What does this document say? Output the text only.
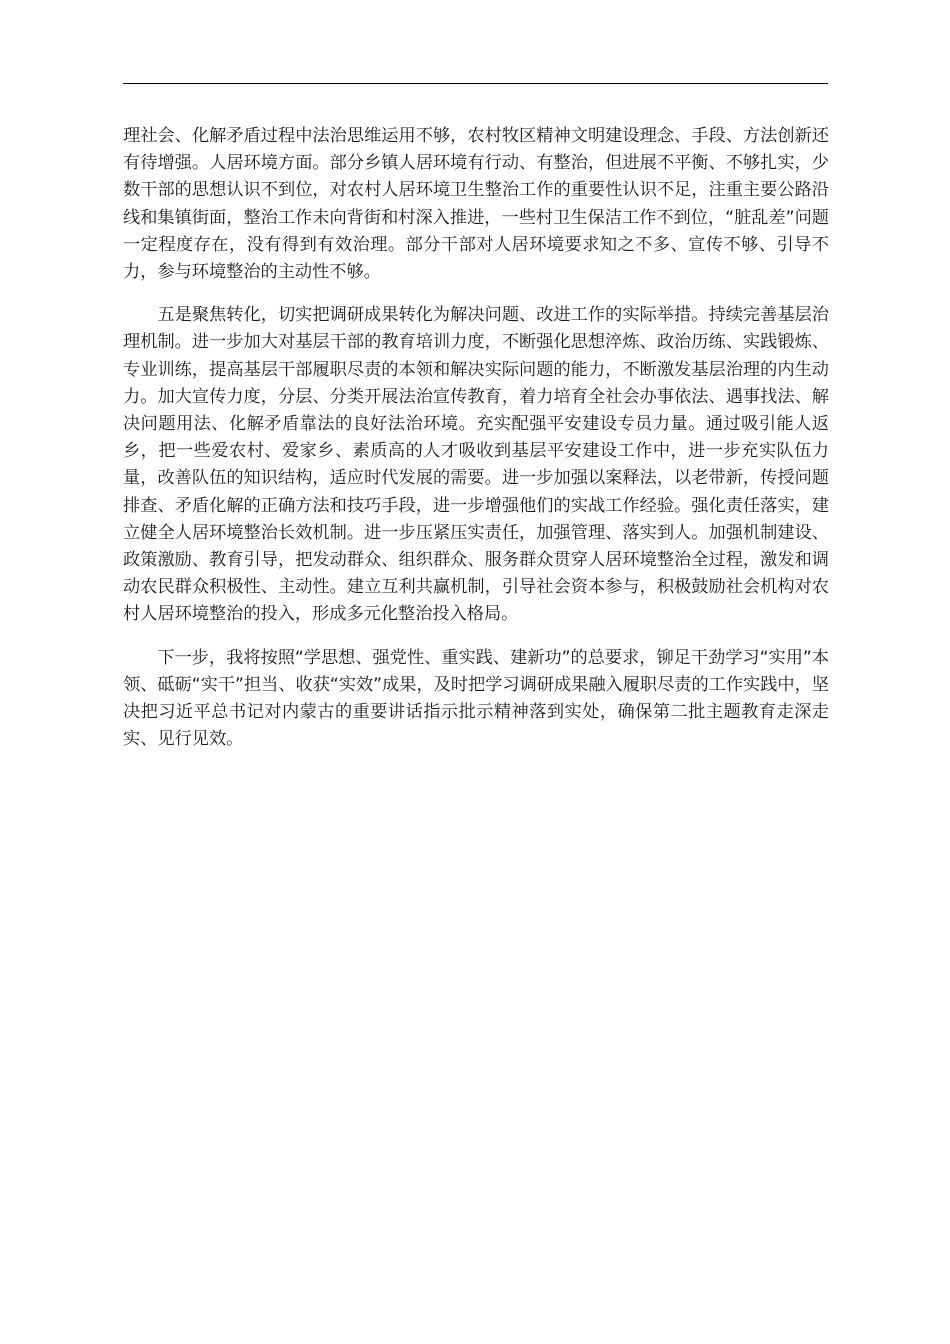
理社会、化解矛盾过程中法治思维运用不够，农村牧区精神文明建设理念、手段、方法创新还有待增强。人居环境方面。部分乡镇人居环境有行动、有整治，但进展不平衡、不够扎实，少数干部的思想认识不到位，对农村人居环境卫生整治工作的重要性认识不足，注重主要公路沿线和集镇街面，整治工作未向背街和村深入推进，一些村卫生保洁工作不到位，“脏乱差”问题一定程度存在，没有得到有效治理。部分干部对人居环境要求知之不多、宣传不够、引导不力，参与环境整治的主动性不够。

五是聚焦转化，切实把调研成果转化为解决问题、改进工作的实际举措。持续完善基层治理机制。进一步加大对基层干部的教育培训力度，不断强化思想淬炼、政治历练、实践锻炼、专业训练，提高基层干部履职尽责的本领和解决实际问题的能力，不断激发基层治理的内生动力。加大宣传力度，分层、分类开展法治宣传教育，着力培育全社会办事依法、遇事找法、解决问题用法、化解矛盾靠法的良好法治环境。充实配强平安建设专员力量。通过吸引能人返乡，把一些爱农村、爱家乡、素质高的人才吸收到基层平安建设工作中，进一步充实队伍力量，改善队伍的知识结构，适应时代发展的需要。进一步加强以案释法，以老带新，传授问题排查、矛盾化解的正确方法和技巧手段，进一步增强他们的实战工作经验。强化责任落实，建立健全人居环境整治长效机制。进一步压紧压实责任，加强管理、落实到人。加强机制建设、政策激励、教育引导，把发动群众、组织群众、服务群众贯穿人居环境整治全过程，激发和调动农民群众积极性、主动性。建立互利共赢机制，引导社会资本参与，积极鼓励社会机构对农村人居环境整治的投入，形成多元化整治投入格局。

下一步，我将按照“学思想、强党性、重实践、建新功”的总要求，铆足干劲学习“实用”本领、砥砺“实干”担当、收获“实效”成果，及时把学习调研成果融入履职尽责的工作实践中，坚决把习近平总书记对内蒙古的重要讲话指示批示精神落到实处，确保第二批主题教育走深走实、见行见效。
